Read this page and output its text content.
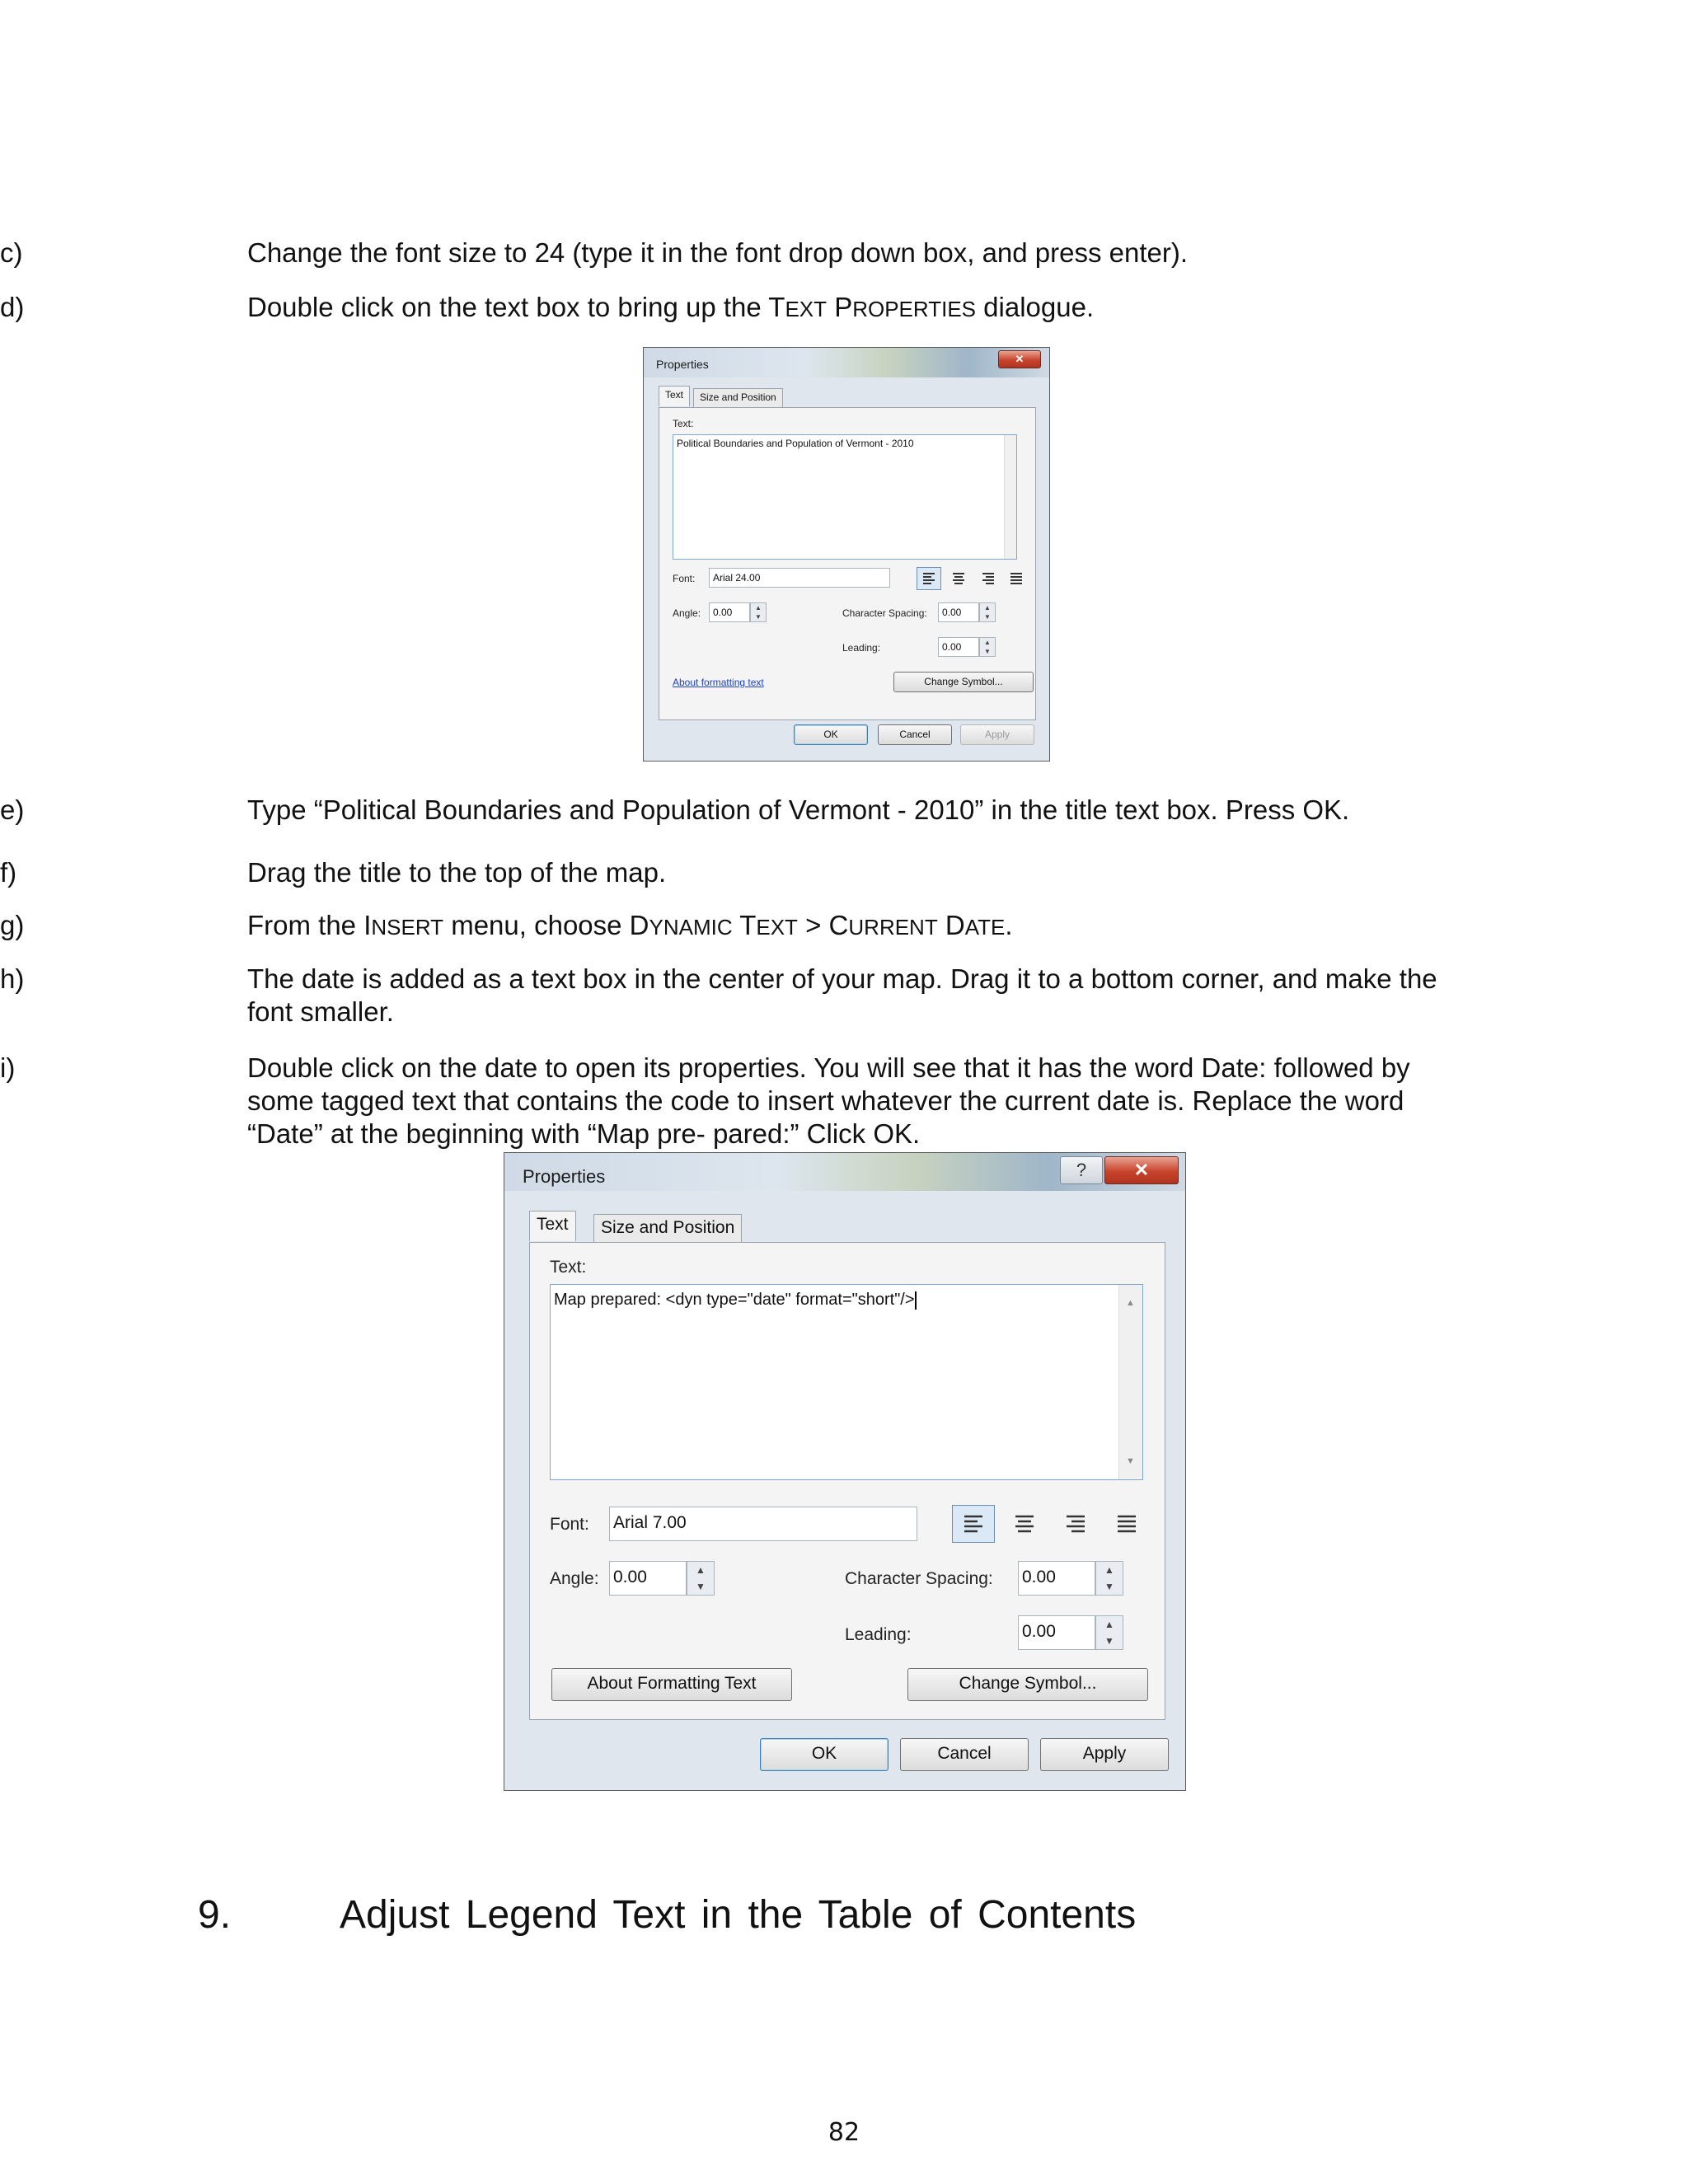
c)	Change the font size to 24 (type it in the font drop down box, and press enter).
d)	Double click on the text box to bring up the TEXT PROPERTIES dialogue.
Properties	✕
Text	Size and Position
Text:
Political Boundaries and Population of Vermont - 2010
Font:	Arial 24.00
Angle:	0.00	▲
▼	Character Spacing:	0.00	▲
▼
Leading:	0.00	▲
▼
About formatting text	Change Symbol...
OK	Cancel	Apply
e)	Type “Political Boundaries and Population of Vermont - 2010” in the title text box. Press OK.
f)	Drag the title to the top of the map.
g)	From the INSERT menu, choose DYNAMIC TEXT > CURRENT DATE.
h)	The date is added as a text box in the center of your map. Drag it to a bottom corner, and make the font smaller.
i)	Double click on the date to open its properties. You will see that it has the word Date: followed by some tagged text that contains the code to insert whatever the current date is. Replace the word “Date” at the beginning with “Map pre- pared:” Click OK.
Properties	?	✕
Text	Size and Position
Text:
Map prepared: <dyn type="date" format="short"/>	▲
▼
Font: Arial 7.00
Angle: 0.00	▲
▼	Character Spacing: 0.00	▲
▼
Leading:	0.00	▲
▼
About Formatting Text	Change Symbol...
OK	Cancel	Apply
9.	Adjust Legend Text in the Table of Contents
82
